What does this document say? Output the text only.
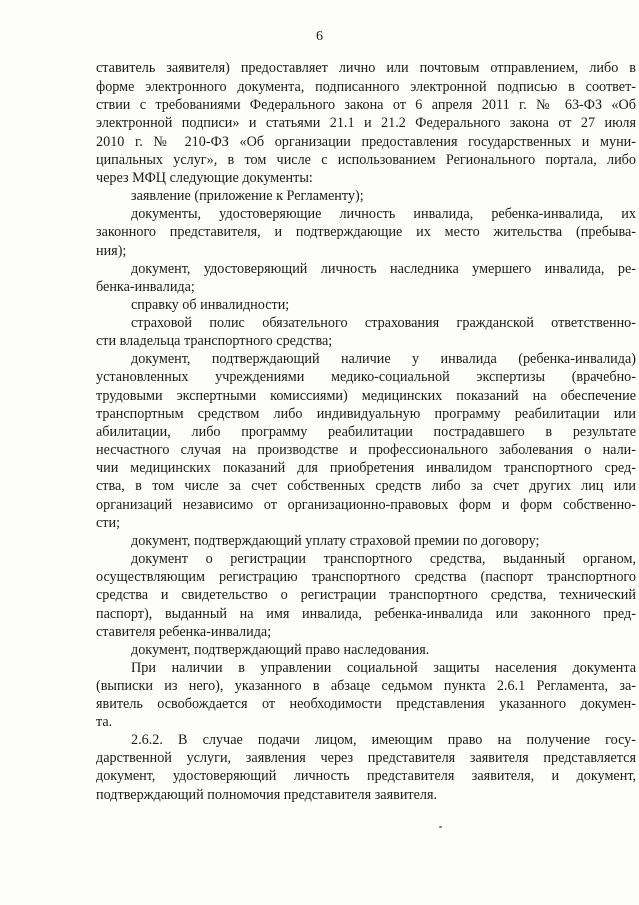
6
ставитель заявителя) предоставляет лично или почтовым отправлением, либо в
форме электронного документа, подписанного электронной подписью в соответ-
ствии с требованиями Федерального закона от 6 апреля 2011 г. № 63-ФЗ «Об
электронной подписи» и статьями 21.1 и 21.2 Федерального закона от 27 июля
2010 г. № 210-ФЗ «Об организации предоставления государственных и муни-
ципальных услуг», в том числе с использованием Регионального портала, либо
через МФЦ следующие документы:
заявление (приложение к Регламенту);
документы, удостоверяющие личность инвалида, ребенка-инвалида, их
законного представителя, и подтверждающие их место жительства (пребыва-
ния);
документ, удостоверяющий личность наследника умершего инвалида, ре-
бенка-инвалида;
справку об инвалидности;
страховой полис обязательного страхования гражданской ответственно-
сти владельца транспортного средства;
документ, подтверждающий наличие у инвалида (ребенка-инвалида)
установленных учреждениями медико-социальной экспертизы (врачебно-
трудовыми экспертными комиссиями) медицинских показаний на обеспечение
транспортным средством либо индивидуальную программу реабилитации или
абилитации, либо программу реабилитации пострадавшего в результате
несчастного случая на производстве и профессионального заболевания о нали-
чии медицинских показаний для приобретения инвалидом транспортного сред-
ства, в том числе за счет собственных средств либо за счет других лиц или
организаций независимо от организационно-правовых форм и форм собственно-
сти;
документ, подтверждающий уплату страховой премии по договору;
документ о регистрации транспортного средства, выданный органом,
осуществляющим регистрацию транспортного средства (паспорт транспортного
средства и свидетельство о регистрации транспортного средства, технический
паспорт), выданный на имя инвалида, ребенка-инвалида или законного пред-
ставителя ребенка-инвалида;
документ, подтверждающий право наследования.
При наличии в управлении социальной защиты населения документа
(выписки из него), указанного в абзаце седьмом пункта 2.6.1 Регламента, за-
явитель освобождается от необходимости представления указанного докумен-
та.
2.6.2. В случае подачи лицом, имеющим право на получение госу-
дарственной услуги, заявления через представителя заявителя представляется
документ, удостоверяющий личность представителя заявителя, и документ,
подтверждающий полномочия представителя заявителя.
